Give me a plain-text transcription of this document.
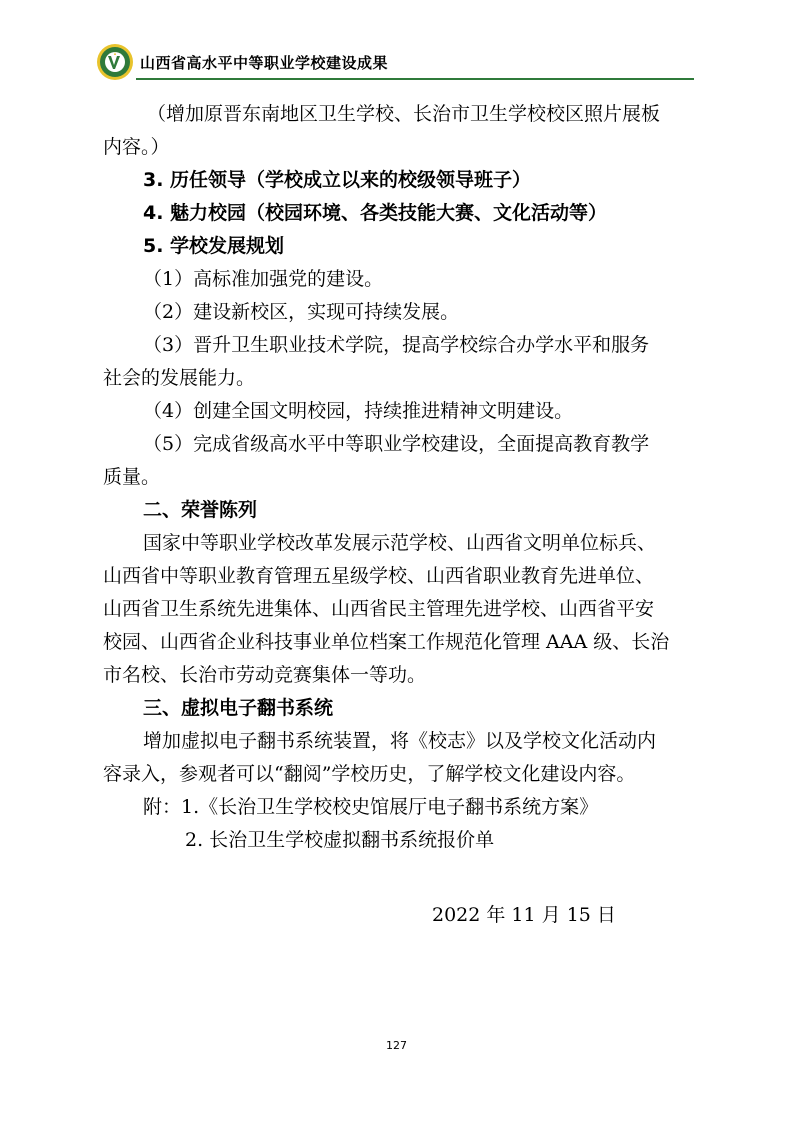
山西省高水平中等职业学校建设成果

（增加原晋东南地区卫生学校、长治市卫生学校校区照片展板

内容。）

3. 历任领导（学校成立以来的校级领导班子）

4. 魅力校园（校园环境、各类技能大赛、文化活动等）

5. 学校发展规划

（1）高标准加强党的建设。

（2）建设新校区，实现可持续发展。

（3）晋升卫生职业技术学院，提高学校综合办学水平和服务

社会的发展能力。

（4）创建全国文明校园，持续推进精神文明建设。

（5）完成省级高水平中等职业学校建设，全面提高教育教学

质量。

二、荣誉陈列

国家中等职业学校改革发展示范学校、山西省文明单位标兵、

山西省中等职业教育管理五星级学校、山西省职业教育先进单位、

山西省卫生系统先进集体、山西省民主管理先进学校、山西省平安

校园、山西省企业科技事业单位档案工作规范化管理 AAA 级、长治

市名校、长治市劳动竞赛集体一等功。

三、虚拟电子翻书系统

增加虚拟电子翻书系统装置，将《校志》以及学校文化活动内

容录入，参观者可以“翻阅”学校历史，了解学校文化建设内容。

附：1.《长治卫生学校校史馆展厅电子翻书系统方案》

2. 长治卫生学校虚拟翻书系统报价单

2022 年 11 月 15 日
127
